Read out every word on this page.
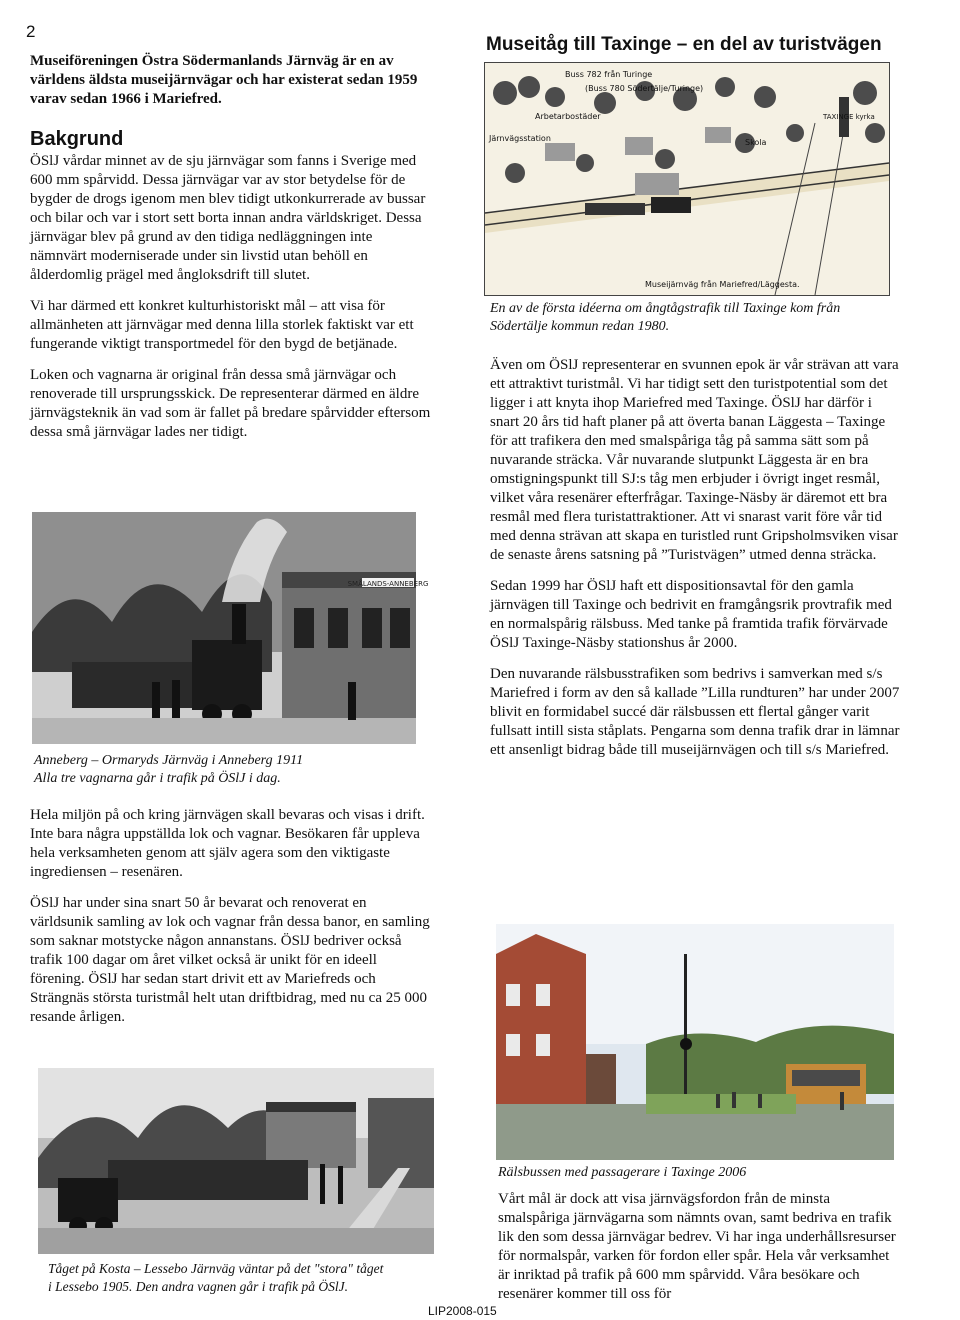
2
Museiföreningen Östra Södermanlands Järnväg är en av världens äldsta museijärnvägar och har existerat sedan 1959 varav sedan 1966 i Mariefred.
Bakgrund

ÖSlJ vårdar minnet av de sju järnvägar som fanns i Sverige med 600 mm spårvidd. Dessa järnvägar var av stor betydelse för de bygder de drogs igenom men blev tidigt utkonkurrerade av bussar och bilar och var i stort sett borta innan andra världskriget. Dessa järnvägar blev på grund av den tidiga nedläggningen inte nämnvärt moderniserade under sin livstid utan behöll en ålderdomlig prägel med ångloksdrift till slutet.

Vi har därmed ett konkret kulturhistoriskt mål – att visa för allmänheten att järnvägar med denna lilla storlek faktiskt var ett fungerande viktigt transportmedel för den bygd de betjänade.

Loken och vagnarna är original från dessa små järnvägar och renoverade till ursprungsskick. De representerar därmed en äldre järnvägsteknik än vad som är fallet på bredare spårvidder eftersom dessa små järnvägar lades ner tidigt.

SMÅLANDS-ANNEBERG
Anneberg – Ormaryds Järnväg i Anneberg 1911
Alla tre vagnarna går i trafik på ÖSlJ i dag.

Hela miljön på och kring järnvägen skall bevaras och visas i drift. Inte bara några uppställda lok och vagnar. Besökaren får uppleva hela verksamheten genom att själv agera som den viktigaste ingrediensen – resenären.

ÖSlJ har under sina snart 50 år bevarat och renoverat en världsunik samling av lok och vagnar från dessa banor, en samling som saknar motstycke någon annanstans. ÖSlJ bedriver också trafik 100 dagar om året vilket också är unikt för en ideell förening. ÖSlJ har sedan start drivit ett av Mariefreds och Strängnäs största turistmål helt utan driftbidrag, med nu ca 25 000 resande årligen.

Tåget på Kosta – Lessebo Järnväg väntar på det "stora" tåget
i Lessebo 1905. Den andra vagnen går i trafik på ÖSlJ.
Museitåg till Taxinge – en del av turistvägen
Buss 782 från Turinge
(Buss 780 Södertälje/Turinge)
Arbetarbostäder
Järnvägsstation
TAXINGE kyrka
Skola
Museijärnväg från Mariefred/Läggesta.
En av de första idéerna om ångtågstrafik till Taxinge kom från
Södertälje kommun redan 1980.

Även om ÖSlJ representerar en svunnen epok är vår strävan att vara ett attraktivt turistmål. Vi har tidigt sett den turistpotential som det ligger i att knyta ihop Mariefred med Taxinge. ÖSlJ har därför i snart 20 års tid haft planer på att överta banan Läggesta – Taxinge för att trafikera den med smalspåriga tåg på samma sätt som på nuvarande sträcka. Vår nuvarande slutpunkt Läggesta är en bra omstigningspunkt till SJ:s tåg men erbjuder i övrigt inget resmål, vilket våra resenärer efterfrågar. Taxinge-Näsby är däremot ett bra resmål med flera turistattraktioner. Att vi snarast varit före vår tid med denna strävan att skapa en turistled runt Gripsholmsviken visar de senaste årens satsning på ”Turistvägen” utmed denna sträcka.

Sedan 1999 har ÖSlJ haft ett dispositionsavtal för den gamla järnvägen till Taxinge och bedrivit en framgångsrik provtrafik med en normalspårig rälsbuss. Med tanke på framtida trafik förvärvade ÖSlJ Taxinge-Näsby stationshus år 2000.

Den nuvarande rälsbusstrafiken som bedrivs i samverkan med s/s Mariefred i form av den så kallade ”Lilla rundturen” har under 2007 blivit en formidabel succé där rälsbussen ett flertal gånger varit fullsatt intill sista ståplats. Pengarna som denna trafik drar in lämnar ett ansenligt bidrag både till museijärnvägen och till s/s Mariefred.

Rälsbussen med passagerare i Taxinge 2006

Vårt mål är dock att visa järnvägsfordon från de minsta smalspåriga järnvägarna som nämnts ovan, samt bedriva en trafik lik den som dessa järnvägar bedrev. Vi har inga underhållsresurser för normalspår, varken för fordon eller spår. Hela vår verksamhet är inriktad på trafik på 600 mm spårvidd. Våra besökare och resenärer kommer till oss för

LIP2008-015
